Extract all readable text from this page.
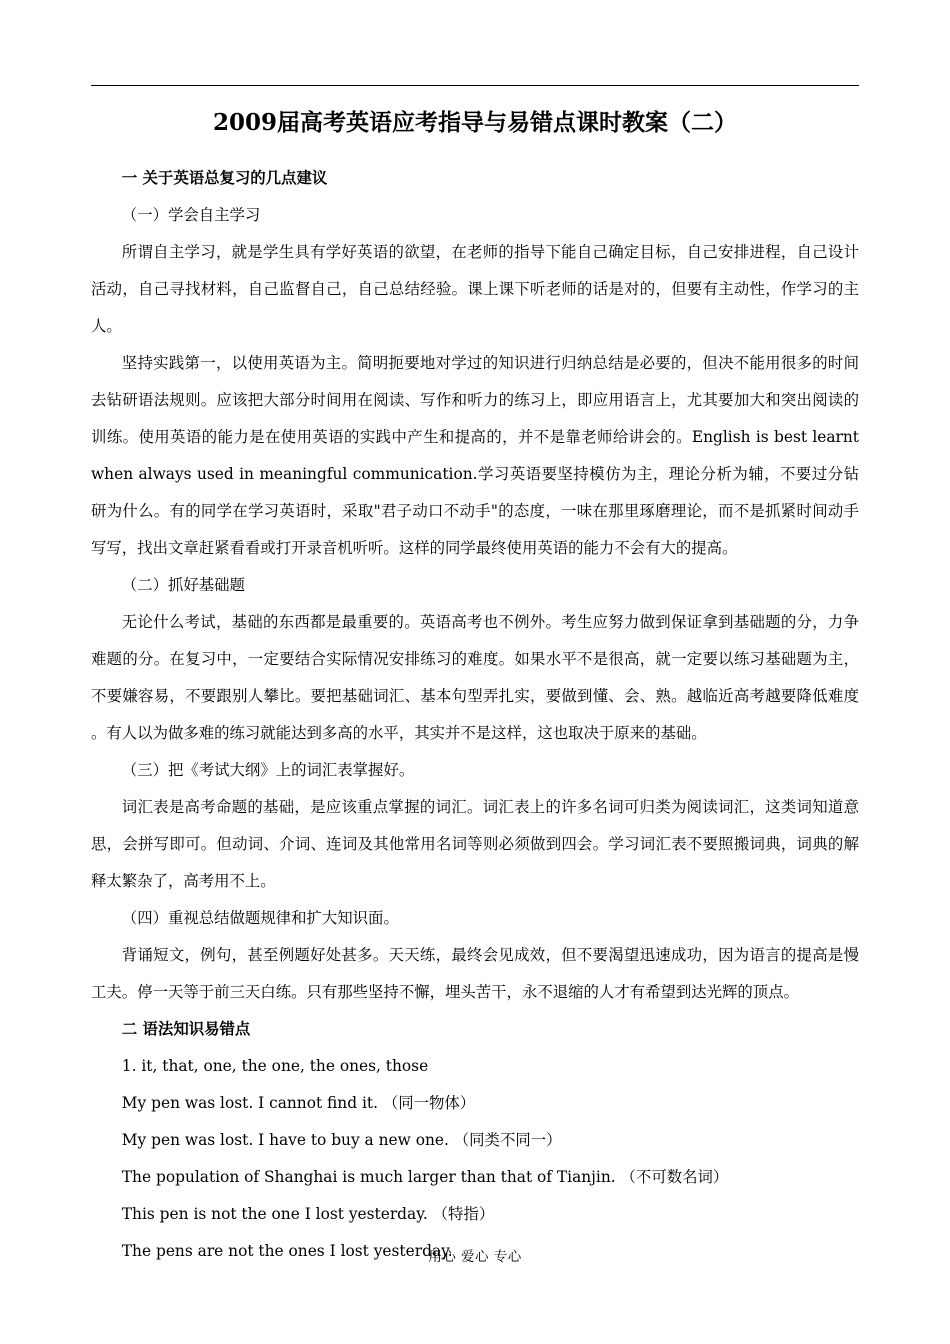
2009届高考英语应考指导与易错点课时教案（二）

一 关于英语总复习的几点建议

（一）学会自主学习

所谓自主学习，就是学生具有学好英语的欲望，在老师的指导下能自己确定目标，自己安排进程，自己设计活动，自己寻找材料，自己监督自己，自己总结经验。课上课下听老师的话是对的，但要有主动性，作学习的主人。

坚持实践第一，以使用英语为主。简明扼要地对学过的知识进行归纳总结是必要的，但决不能用很多的时间去钻研语法规则。应该把大部分时间用在阅读、写作和听力的练习上，即应用语言上，尤其要加大和突出阅读的训练。使用英语的能力是在使用英语的实践中产生和提高的，并不是靠老师给讲会的。English is best learnt when always used in meaningful communication.学习英语要坚持模仿为主，理论分析为辅，不要过分钻研为什么。有的同学在学习英语时，采取"君子动口不动手"的态度，一味在那里琢磨理论，而不是抓紧时间动手写写，找出文章赶紧看看或打开录音机听听。这样的同学最终使用英语的能力不会有大的提高。

（二）抓好基础题

无论什么考试，基础的东西都是最重要的。英语高考也不例外。考生应努力做到保证拿到基础题的分，力争难题的分。在复习中，一定要结合实际情况安排练习的难度。如果水平不是很高，就一定要以练习基础题为主，不要嫌容易，不要跟别人攀比。要把基础词汇、基本句型弄扎实，要做到懂、会、熟。越临近高考越要降低难度 。有人以为做多难的练习就能达到多高的水平，其实并不是这样，这也取决于原来的基础。

（三）把《考试大纲》上的词汇表掌握好。

词汇表是高考命题的基础，是应该重点掌握的词汇。词汇表上的许多名词可归类为阅读词汇，这类词知道意思，会拼写即可。但动词、介词、连词及其他常用名词等则必须做到四会。学习词汇表不要照搬词典，词典的解释太繁杂了，高考用不上。

（四）重视总结做题规律和扩大知识面。

背诵短文，例句，甚至例题好处甚多。天天练，最终会见成效，但不要渴望迅速成功，因为语言的提高是慢工夫。停一天等于前三天白练。只有那些坚持不懈，埋头苦干，永不退缩的人才有希望到达光辉的顶点。

二 语法知识易错点

1. it, that, one, the one, the ones, those

My pen was lost. I cannot find it. （同一物体）

My pen was lost. I have to buy a new one. （同类不同一）

The population of Shanghai is much larger than that of Tianjin. （不可数名词）

This pen is not the one I lost yesterday. （特指）

The pens are not the ones I lost yesterday.

用心 爱心 专心
